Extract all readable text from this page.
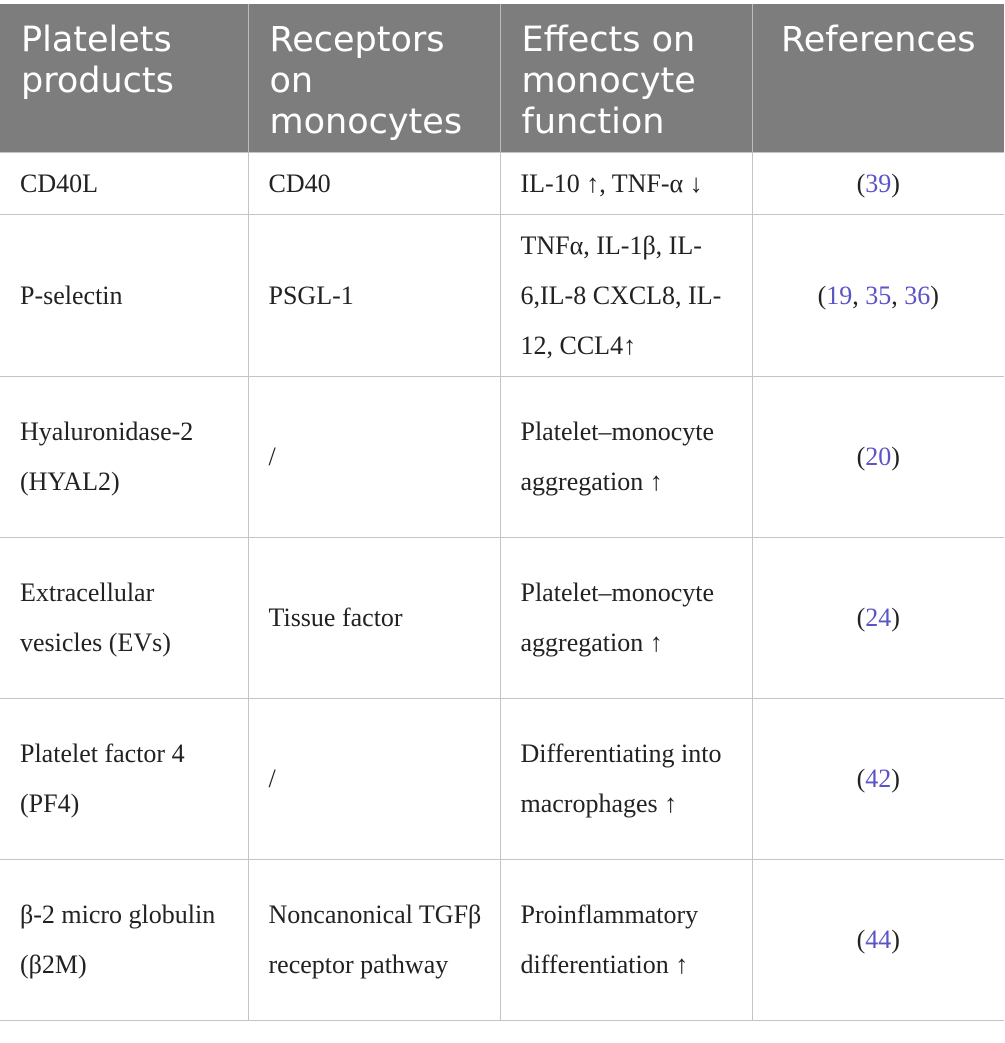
Platelets products	Receptors on monocytes	Effects on monocyte function	References
CD40L	CD40	IL-10 ↑, TNF-α ↓	(39)
P-selectin	PSGL-1	TNFα, IL-1β, IL-6,IL-8 CXCL8, IL-12, CCL4↑	(19, 35, 36)
Hyaluronidase-2 (HYAL2)	/	Platelet–monocyte aggregation ↑	(20)
Extracellular vesicles (EVs)	Tissue factor	Platelet–monocyte aggregation ↑	(24)
Platelet factor 4 (PF4)	/	Differentiating into macrophages ↑	(42)
β-2 micro globulin (β2M)	Noncanonical TGFβ receptor pathway	Proinflammatory differentiation ↑	(44)
